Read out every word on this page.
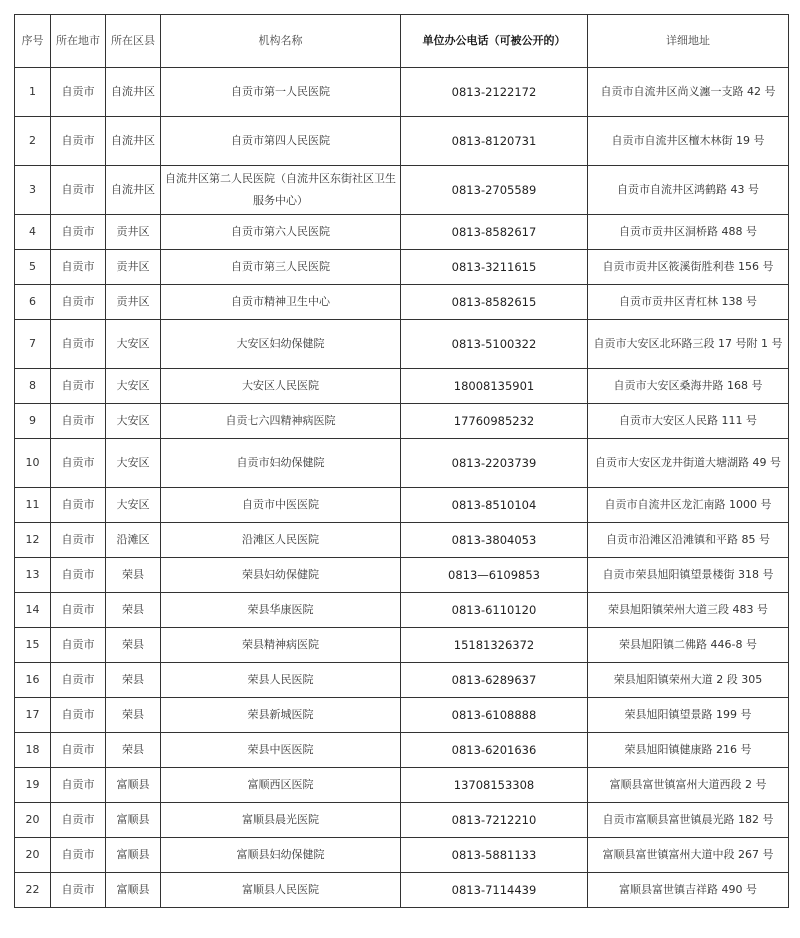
序号	所在地市	所在区县	机构名称	单位办公电话（可被公开的）	详细地址
1	自贡市	自流井区	自贡市第一人民医院	0813-2122172	自贡市自流井区尚义瀍一支路 42 号
2	自贡市	自流井区	自贡市第四人民医院	0813-8120731	自贡市自流井区檀木林街 19 号
3	自贡市	自流井区	自流井区第二人民医院（自流井区东街社区卫生服务中心）	0813-2705589	自贡市自流井区鸿鹤路 43 号
4	自贡市	贡井区	自贡市第六人民医院	0813-8582617	自贡市贡井区洞桥路 488 号
5	自贡市	贡井区	自贡市第三人民医院	0813-3211615	自贡市贡井区筱溪街胜利巷 156 号
6	自贡市	贡井区	自贡市精神卫生中心	0813-8582615	自贡市贡井区青杠林 138 号
7	自贡市	大安区	大安区妇幼保健院	0813-5100322	自贡市大安区北环路三段 17 号附 1 号
8	自贡市	大安区	大安区人民医院	18008135901	自贡市大安区桑海井路 168 号
9	自贡市	大安区	自贡七六四精神病医院	17760985232	自贡市大安区人民路 111 号
10	自贡市	大安区	自贡市妇幼保健院	0813-2203739	自贡市大安区龙井街道大塘湖路 49 号
11	自贡市	大安区	自贡市中医医院	0813-8510104	自贡市自流井区龙汇南路 1000 号
12	自贡市	沿滩区	沿滩区人民医院	0813-3804053	自贡市沿滩区沿滩镇和平路 85 号
13	自贡市	荣县	荣县妇幼保健院	0813—6109853	自贡市荣县旭阳镇望景楼街 318 号
14	自贡市	荣县	荣县华康医院	0813-6110120	荣县旭阳镇荣州大道三段 483 号
15	自贡市	荣县	荣县精神病医院	15181326372	荣县旭阳镇二佛路 446-8 号
16	自贡市	荣县	荣县人民医院	0813-6289637	荣县旭阳镇荣州大道 2 段 305
17	自贡市	荣县	荣县新城医院	0813-6108888	荣县旭阳镇望景路 199 号
18	自贡市	荣县	荣县中医医院	0813-6201636	荣县旭阳镇健康路 216 号
19	自贡市	富顺县	富顺西区医院	13708153308	富顺县富世镇富州大道西段 2 号
20	自贡市	富顺县	富顺县晨光医院	0813-7212210	自贡市富顺县富世镇晨光路 182 号
20	自贡市	富顺县	富顺县妇幼保健院	0813-5881133	富顺县富世镇富州大道中段 267 号
22	自贡市	富顺县	富顺县人民医院	0813-7114439	富顺县富世镇吉祥路 490 号
